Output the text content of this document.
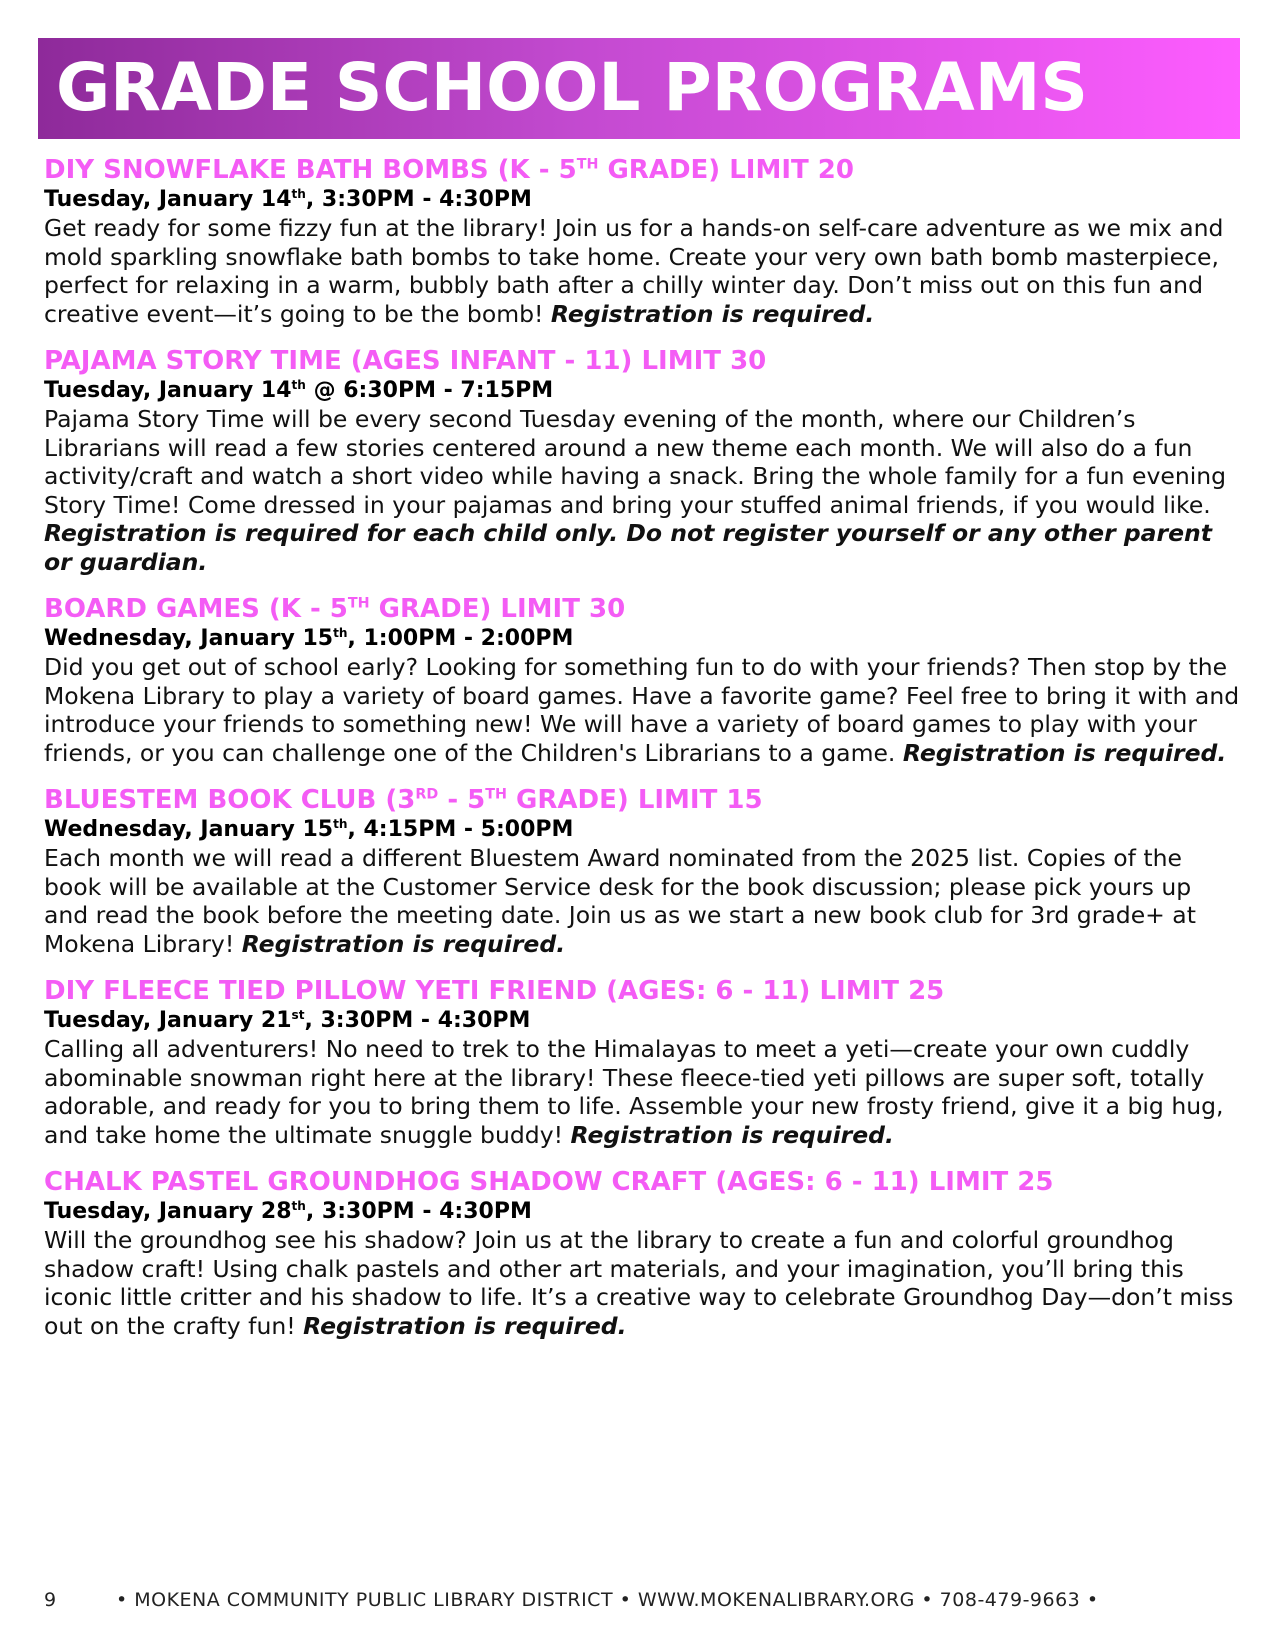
GRADE SCHOOL PROGRAMS

DIY SNOWFLAKE BATH BOMBS (K - 5TH GRADE) LIMIT 20

Tuesday, January 14th, 3:30PM - 4:30PM

Get ready for some fizzy fun at the library! Join us for a hands-on self-care adventure as we mix and mold sparkling snowflake bath bombs to take home. Create your very own bath bomb masterpiece, perfect for relaxing in a warm, bubbly bath after a chilly winter day. Don’t miss out on this fun and creative event—it’s going to be the bomb! Registration is required.

PAJAMA STORY TIME (AGES INFANT - 11) LIMIT 30

Tuesday, January 14th @ 6:30PM - 7:15PM

Pajama Story Time will be every second Tuesday evening of the month, where our Children’s Librarians will read a few stories centered around a new theme each month. We will also do a fun activity/craft and watch a short video while having a snack. Bring the whole family for a fun evening Story Time! Come dressed in your pajamas and bring your stuffed animal friends, if you would like. Registration is required for each child only. Do not register yourself or any other parent or guardian.

BOARD GAMES (K - 5TH GRADE) LIMIT 30

Wednesday, January 15th, 1:00PM - 2:00PM

Did you get out of school early? Looking for something fun to do with your friends? Then stop by the Mokena Library to play a variety of board games. Have a favorite game? Feel free to bring it with and introduce your friends to something new! We will have a variety of board games to play with your friends, or you can challenge one of the Children's Librarians to a game. Registration is required.

BLUESTEM BOOK CLUB (3RD - 5TH GRADE) LIMIT 15

Wednesday, January 15th, 4:15PM - 5:00PM

Each month we will read a different Bluestem Award nominated from the 2025 list. Copies of the book will be available at the Customer Service desk for the book discussion; please pick yours up and read the book before the meeting date. Join us as we start a new book club for 3rd grade+ at Mokena Library! Registration is required.

DIY FLEECE TIED PILLOW YETI FRIEND (AGES: 6 - 11) LIMIT 25

Tuesday, January 21st, 3:30PM - 4:30PM

Calling all adventurers! No need to trek to the Himalayas to meet a yeti—create your own cuddly abominable snowman right here at the library! These fleece-tied yeti pillows are super soft, totally adorable, and ready for you to bring them to life. Assemble your new frosty friend, give it a big hug, and take home the ultimate snuggle buddy! Registration is required.

CHALK PASTEL GROUNDHOG SHADOW CRAFT (AGES: 6 - 11) LIMIT 25

Tuesday, January 28th, 3:30PM - 4:30PM

Will the groundhog see his shadow? Join us at the library to create a fun and colorful groundhog shadow craft! Using chalk pastels and other art materials, and your imagination, you’ll bring this iconic little critter and his shadow to life. It’s a creative way to celebrate Groundhog Day—don’t miss out on the crafty fun! Registration is required.

9	• MOKENA COMMUNITY PUBLIC LIBRARY DISTRICT • WWW.MOKENALIBRARY.ORG • 708-479-9663 •
